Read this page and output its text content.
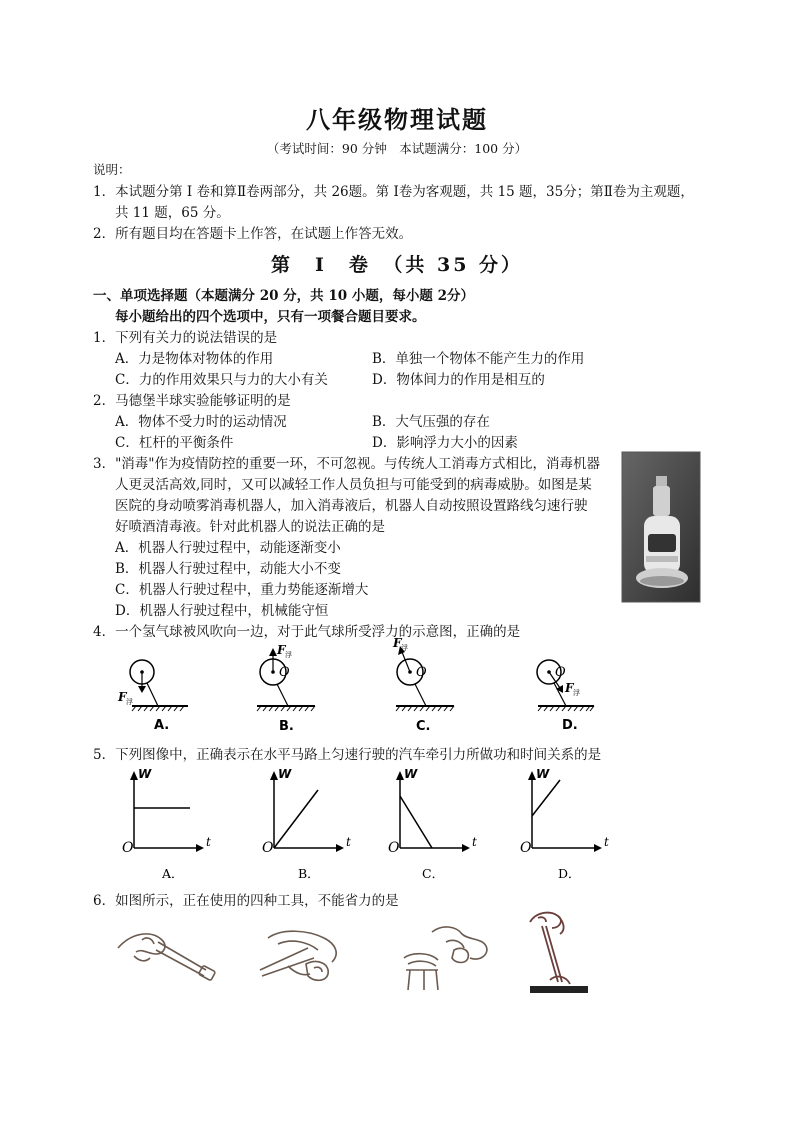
八年级物理试题
（考试时间：90 分钟　本试题满分：100 分）
说明：
1．本试题分第 I 卷和算Ⅱ卷两部分，共 26题。第 I卷为客观题，共 15 题，35分；第Ⅱ卷为主观题，
共 11 题，65 分。
2．所有题目均在答题卡上作答，在试题上作答无效。
第　I　卷　（共 35 分）
一、单项选择题（本题满分 20 分，共 10 小题，每小题 2分）
每小题给出的四个选项中，只有一项餐合题目要求。
1．下列有关力的说法错误的是
A．力是物体对物体的作用	B．单独一个物体不能产生力的作用
C．力的作用效果只与力的大小有关	D．物体间力的作用是相互的
2．马德堡半球实验能够证明的是
A．物体不受力时的运动情况	B．大气压强的存在
C．杠杆的平衡条件	D．影响浮力大小的因素
3．"消毒"作为疫情防控的重要一环，不可忽视。与传统人工消毒方式相比，消毒机器
人更灵活高效,同时，又可以减轻工作人员负担与可能受到的病毒威胁。如图是某
医院的身动喷雾消毒机器人，加入消毒液后，机器人自动按照设置路线匀速行驶
好喷酒清毒液。针对此机器人的说法正确的是
A．机器人行驶过程中，动能逐渐变小
B．机器人行驶过程中，动能大小不变
C．机器人行驶过程中，重力势能逐渐增大
D．机器人行驶过程中，机械能守恒
4．一个氢气球被风吹向一边，对于此气球所受浮力的示意图，正确的是
F 浮
A.
F 浮
O
B.
F 浮
O
C.
O
F 浮
D.
5．下列图像中，正确表示在水平马路上匀速行驶的汽车牵引力所做功和时间关系的是
W
t
O
A．
W
t
O
B．
W
t
O
C．
W
t
O
D．
6．如图所示，正在使用的四种工具，不能省力的是
